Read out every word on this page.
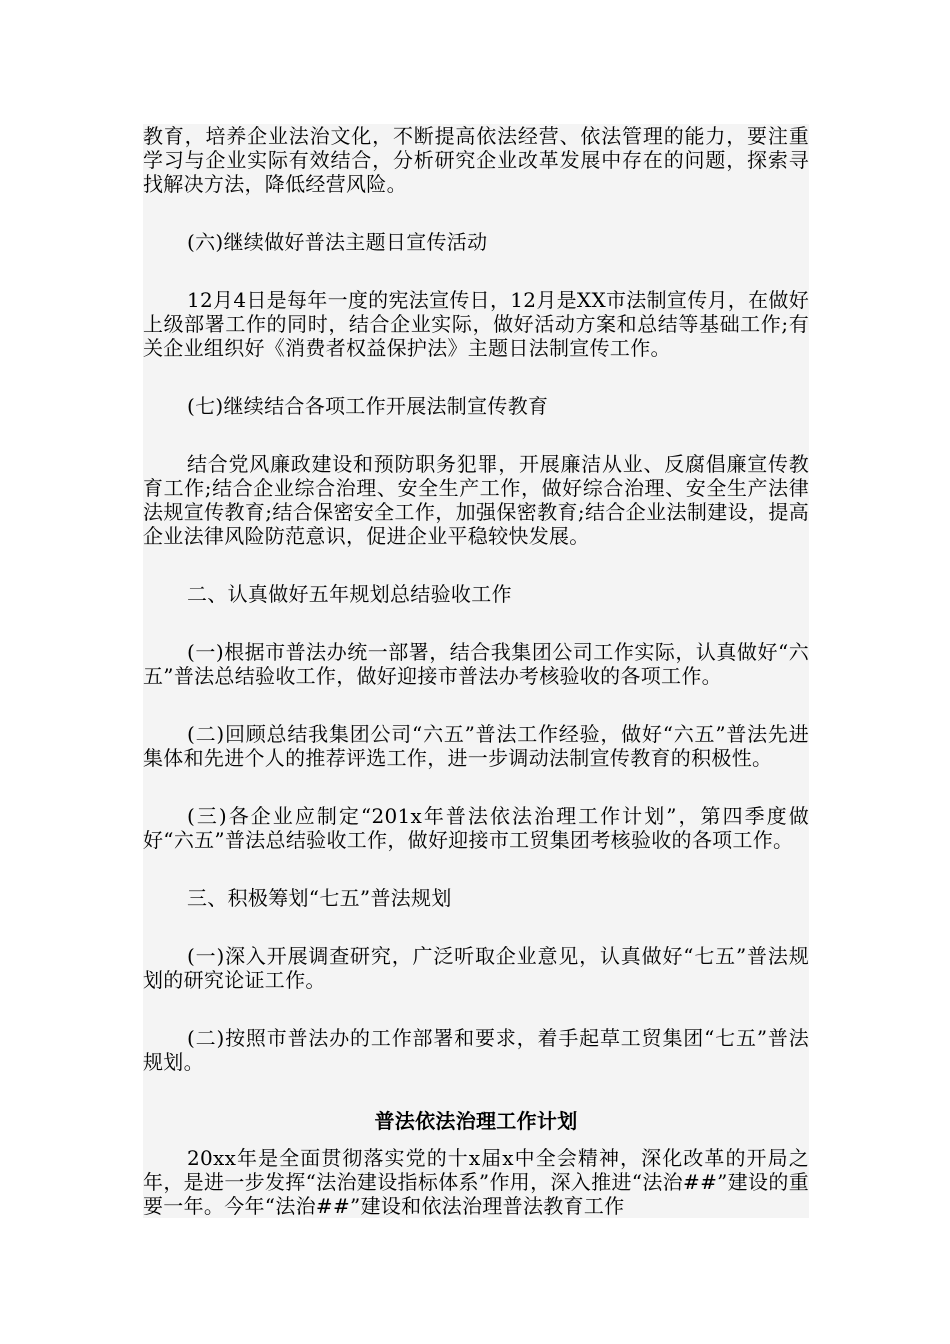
教育，培养企业法治文化，不断提高依法经营、依法管理的能力，要注重学习与企业实际有效结合，分析研究企业改革发展中存在的问题，探索寻找解决方法，降低经营风险。

(六)继续做好普法主题日宣传活动

12月4日是每年一度的宪法宣传日，12月是XX市法制宣传月，在做好上级部署工作的同时，结合企业实际，做好活动方案和总结等基础工作;有关企业组织好《消费者权益保护法》主题日法制宣传工作。

(七)继续结合各项工作开展法制宣传教育

结合党风廉政建设和预防职务犯罪，开展廉洁从业、反腐倡廉宣传教育工作;结合企业综合治理、安全生产工作，做好综合治理、安全生产法律法规宣传教育;结合保密安全工作，加强保密教育;结合企业法制建设，提高企业法律风险防范意识，促进企业平稳较快发展。

二、认真做好五年规划总结验收工作

(一)根据市普法办统一部署，结合我集团公司工作实际，认真做好“六五”普法总结验收工作，做好迎接市普法办考核验收的各项工作。

(二)回顾总结我集团公司“六五”普法工作经验，做好“六五”普法先进集体和先进个人的推荐评选工作，进一步调动法制宣传教育的积极性。

(三)各企业应制定“201x年普法依法治理工作计划”，第四季度做好“六五”普法总结验收工作，做好迎接市工贸集团考核验收的各项工作。

三、积极筹划“七五”普法规划

(一)深入开展调查研究，广泛听取企业意见，认真做好“七五”普法规划的研究论证工作。

(二)按照市普法办的工作部署和要求，着手起草工贸集团“七五”普法规划。

普法依法治理工作计划

20xx年是全面贯彻落实党的十x届x中全会精神，深化改革的开局之年，是进一步发挥“法治建设指标体系”作用，深入推进“法治##”建设的重要一年。今年“法治##”建设和依法治理普法教育工作
